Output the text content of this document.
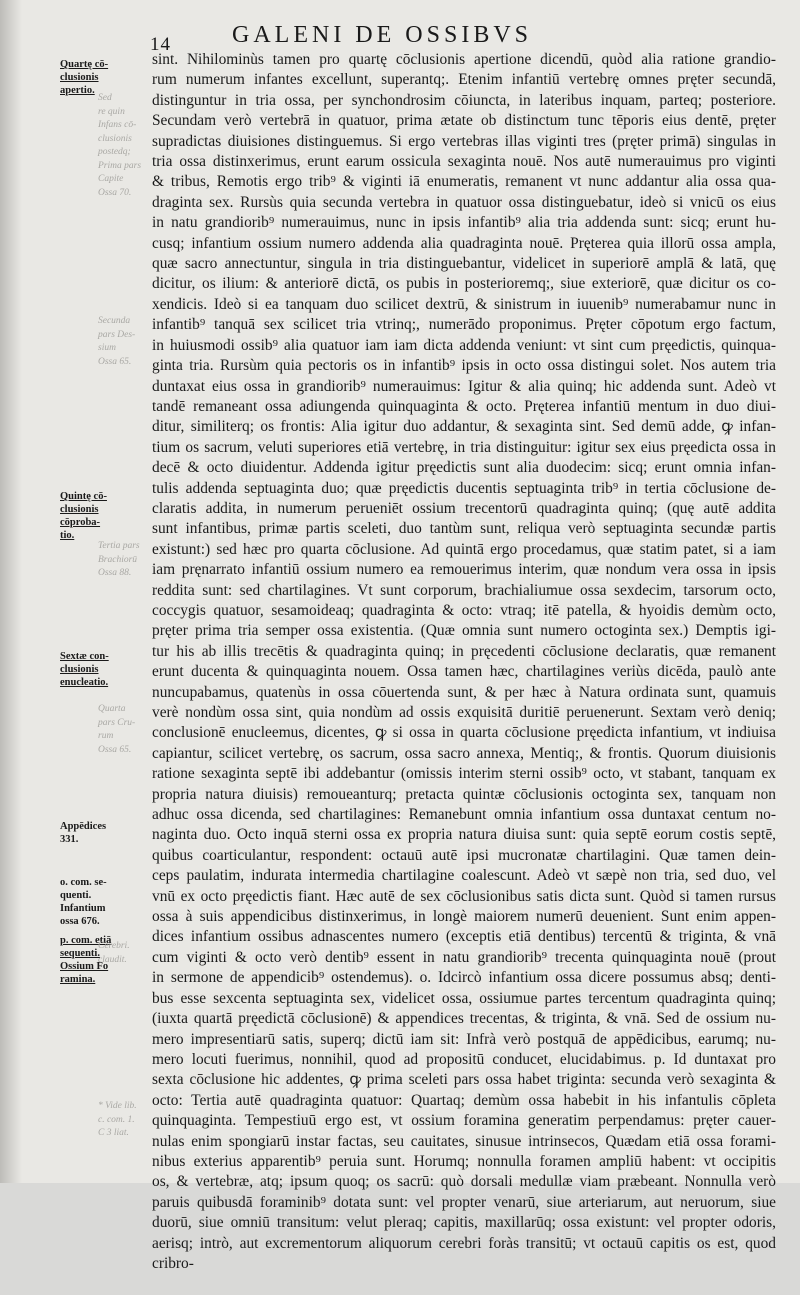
14	GALENI DE OSSIBVS
Quartę cō-
clusionis
apertio.
Quintę cō-
clusionis
cōproba-
tio.
Sextæ con-
clusionis
enucleatio.
Appēdices
331.
o. com. se-
quenti.
Infantium
ossa 676.
p. com. etiā
sequenti.
Ossium Fo
ramina.
Sed
re quin
Infans cō-
clusionis
postedq;
Prima pars
Capite
Ossa 70.
Secunda
pars Des-
sium
Ossa 65.
Tertia pars
Brachiorū
Ossa 88.
Quarta
pars Cru-
rum
Ossa 65.
Cerebri.
claudit.
* Vide lib.
c. com. 1.
C 3 liat.
sint. Nihilominùs tamen pro quartę cōclusionis apertione dicendū, quòd alia ratione grandio-
rum numerum infantes excellunt, superantq;. Etenim infantiū vertebrę omnes pręter secundā,
distinguntur in tria ossa, per synchondrosim cōiuncta, in lateribus inquam, parteq; posteriore.
Secundam verò vertebrā in quatuor, prima ætate ob distinctum tunc tēporis eius dentē, pręter
supradictas diuisiones distinguemus. Si ergo vertebras illas viginti tres (pręter primā) singulas in
tria ossa distinxerimus, erunt earum ossicula sexaginta nouē. Nos autē numerauimus pro viginti
& tribus, Remotis ergo trib⁹ & viginti iā enumeratis, remanent vt nunc addantur alia ossa qua-
draginta sex. Rursùs quia secunda vertebra in quatuor ossa distinguebatur, ideò si vnicū os eius
in natu grandiorib⁹ numerauimus, nunc in ipsis infantib⁹ alia tria addenda sunt: sicq; erunt hu-
cusq; infantium ossium numero addenda alia quadraginta nouē. Pręterea quia illorū ossa ampla,
quæ sacro annectuntur, singula in tria distinguebantur, videlicet in superiorē amplā & latā, quę
dicitur, os ilium: & anteriorē dictā, os pubis in posterioremq;, siue exteriorē, quæ dicitur os co-
xendicis. Ideò si ea tanquam duo scilicet dextrū, & sinistrum in iuuenib⁹ numerabamur nunc in
infantib⁹ tanquā sex scilicet tria vtrinq;, numerādo proponimus. Pręter cōpotum ergo factum,
in huiusmodi ossib⁹ alia quatuor iam iam dicta addenda veniunt: vt sint cum pręedictis, quinqua-
ginta tria. Rursùm quia pectoris os in infantib⁹ ipsis in octo ossa distingui solet. Nos autem tria
duntaxat eius ossa in grandiorib⁹ numerauimus: Igitur & alia quinq; hic addenda sunt. Adeò vt
tandē remaneant ossa adiungenda quinquaginta & octo. Pręterea infantiū mentum in duo diui-
ditur, similiterq; os frontis: Alia igitur duo addantur, & sexaginta sint. Sed demū adde, ꝙ infan-
tium os sacrum, veluti superiores etiā vertebrę, in tria distinguitur: igitur sex eius pręedicta ossa in
decē & octo diuidentur. Addenda igitur pręedictis sunt alia duodecim: sicq; erunt omnia infan-
tulis addenda septuaginta duo; quæ pręedictis ducentis septuaginta trib⁹ in tertia cōclusione de-
claratis addita, in numerum perueniēt ossium trecentorū quadraginta quinq; (quę autē addita
sunt infantibus, primæ partis sceleti, duo tantùm sunt, reliqua verò septuaginta secundæ partis
existunt:) sed hæc pro quarta cōclusione. Ad quintā ergo procedamus, quæ statim patet, si a iam
iam pręnarrato infantiū ossium numero ea remouerimus interim, quæ nondum vera ossa in ipsis
reddita sunt: sed chartilagines. Vt sunt corporum, brachialiumue ossa sexdecim, tarsorum octo,
coccygis quatuor, sesamoideaq; quadraginta & octo: vtraq; itē patella, & hyoidis demùm octo,
pręter prima tria semper ossa existentia. (Quæ omnia sunt numero octoginta sex.) Demptis igi-
tur his ab illis trecētis & quadraginta quinq; in pręcedenti cōclusione declaratis, quæ remanent
erunt ducenta & quinquaginta nouem. Ossa tamen hæc, chartilagines veriùs dicēda, paulò ante
nuncupabamus, quatenùs in ossa cōuertenda sunt, & per hæc à Natura ordinata sunt, quamuis
verè nondùm ossa sint, quia nondùm ad ossis exquisitā duritiē peruenerunt. Sextam verò deniq;
conclusionē enucleemus, dicentes, ꝙ si ossa in quarta cōclusione pręedicta infantium, vt indiuisa
capiantur, scilicet vertebrę, os sacrum, ossa sacro annexa, Mentiq;, & frontis. Quorum diuisionis
ratione sexaginta septē ibi addebantur (omissis interim sterni ossib⁹ octo, vt stabant, tanquam ex
propria natura diuisis) remoueanturq; pretacta quintæ cōclusionis octoginta sex, tanquam non
adhuc ossa dicenda, sed chartilagines: Remanebunt omnia infantium ossa duntaxat centum no-
naginta duo. Octo inquā sterni ossa ex propria natura diuisa sunt: quia septē eorum costis septē,
quibus coarticulantur, respondent: octauū autē ipsi mucronatæ chartilagini. Quæ tamen dein-
ceps paulatim, indurata intermedia chartilagine coalescunt. Adeò vt sæpè non tria, sed duo, vel
vnū ex octo pręedictis fiant. Hæc autē de sex cōclusionibus satis dicta sunt. Quòd si tamen rursus
ossa à suis appendicibus distinxerimus, in longè maiorem numerū deuenient. Sunt enim appen-
dices infantium ossibus adnascentes numero (exceptis etiā dentibus) tercentū & triginta, & vnā
cum viginti & octo verò dentib⁹ essent in natu grandiorib⁹ trecenta quinquaginta nouē (prout
in sermone de appendicib⁹ ostendemus). o. Idcircò infantium ossa dicere possumus absq; denti-
bus esse sexcenta septuaginta sex, videlicet ossa, ossiumue partes tercentum quadraginta quinq;
(iuxta quartā pręedictā cōclusionē) & appendices trecentas, & triginta, & vnā. Sed de ossium nu-
mero impresentiarū satis, superq; dictū iam sit: Infrà verò postquā de appēdicibus, earumq; nu-
mero locuti fuerimus, nonnihil, quod ad propositū conducet, elucidabimus. p. Id duntaxat pro
sexta cōclusione hic addentes, ꝙ prima sceleti pars ossa habet triginta: secunda verò sexaginta &
octo: Tertia autē quadraginta quatuor: Quartaq; demùm ossa habebit in his infantulis cōpleta
quinquaginta. Tempestiuū ergo est, vt ossium foramina generatim perpendamus: pręter cauer-
nulas enim spongiarū instar factas, seu cauitates, sinusue intrinsecos, Quædam etiā ossa forami-
nibus exterius apparentib⁹ peruia sunt. Horumq; nonnulla foramen ampliū habent: vt occipitis
os, & vertebræ, atq; ipsum quoq; os sacrū: quò dorsali medullæ viam præbeant. Nonnulla verò
paruis quibusdā foraminib⁹ dotata sunt: vel propter venarū, siue arteriarum, aut neruorum, siue
duorū, siue omniū transitum: velut pleraq; capitis, maxillarūq; ossa existunt: vel propter odoris,
aerisq; intrò, aut excrementorum aliquorum cerebri foràs transitū; vt octauū capitis os est, quod
cribro-
